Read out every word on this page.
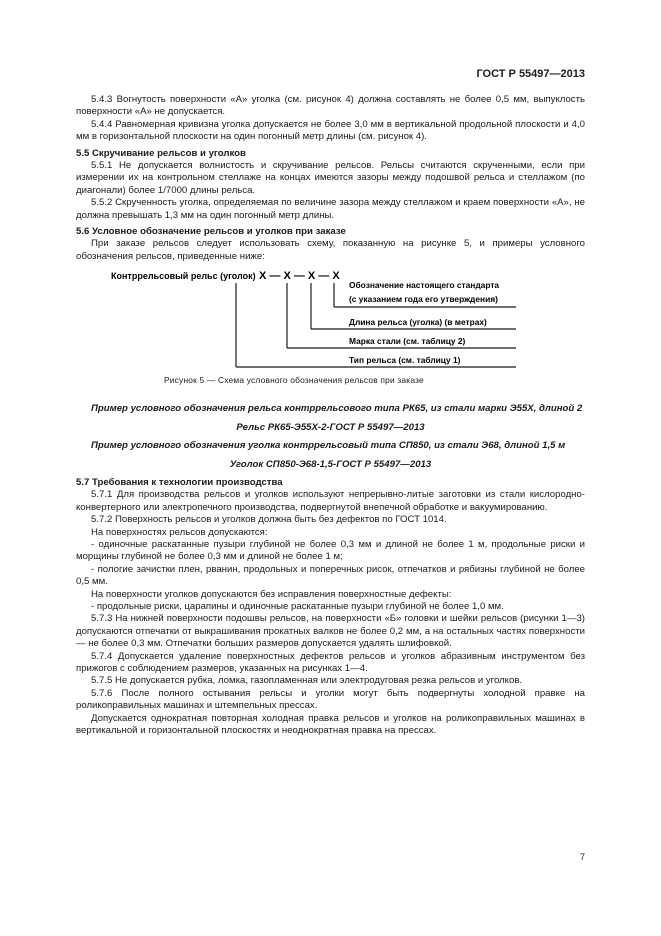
ГОСТ Р 55497—2013

5.4.3 Вогнутость поверхности «А» уголка (см. рисунок 4) должна составлять не более 0,5 мм, выпуклость поверхности «А» не допускается.

5.4.4 Равномерная кривизна уголка допускается не более 3,0 мм в вертикальной продольной плоскости и 4,0 мм в горизонтальной плоскости на один погонный метр длины (см. рисунок 4).

5.5 Скручивание рельсов и уголков

5.5.1 Не допускается волнистость и скручивание рельсов. Рельсы считаются скрученными, если при измерении их на контрольном стеллаже на концах имеются зазоры между подошвой рельса и стеллажом (по диагонали) более 1/7000 длины рельса.

5.5.2 Скрученность уголка, определяемая по величине зазора между стеллажом и краем поверхности «А», не должна превышать 1,3 мм на один погонный метр длины.

5.6 Условное обозначение рельсов и уголков при заказе

При заказе рельсов следует использовать схему, показанную на рисунке 5, и примеры условного обозначения рельсов, приведенные ниже:

Контррельсовый рельс (уголок) X — X — X — X
Обозначение настоящего стандарта
(с указанием года его утверждения)
Длина рельса (уголка) (в метрах)
Марка стали (см. таблицу 2)
Тип рельса (см. таблицу 1)
Рисунок 5 — Схема условного обозначения рельсов при заказе

Пример условного обозначения рельса контррельсового типа РК65, из стали марки Э55Х, длиной 2

Рельс РК65-Э55Х-2-ГОСТ Р 55497—2013

Пример условного обозначения уголка контррельсовый типа СП850, из стали Э68, длиной 1,5 м

Уголок СП850-Э68-1,5-ГОСТ Р 55497—2013

5.7 Требования к технологии производства

5.7.1 Для производства рельсов и уголков используют непрерывно-литые заготовки из стали кислородно-конвертерного или электропечного производства, подвергнутой внепечной обработке и вакуумированию.

5.7.2 Поверхность рельсов и уголков должна быть без дефектов по ГОСТ 1014.

На поверхностях рельсов допускаются:

- одиночные раскатанные пузыри глубиной не более 0,3 мм и длиной не более 1 м, продольные риски и морщины глубиной не более 0,3 мм и длиной не более 1 м;

- пологие зачистки плен, рванин, продольных и поперечных рисок, отпечатков и рябизны глубиной не более 0,5 мм.

На поверхности уголков допускаются без исправления поверхностные дефекты:

- продольные риски, царапины и одиночные раскатанные пузыри глубиной не более 1,0 мм.

5.7.3 На нижней поверхности подошвы рельсов, на поверхности «Б» головки и шейки рельсов (рисунки 1—3) допускаются отпечатки от выкрашивания прокатных валков не более 0,2 мм, а на остальных частях поверхности — не более 0,3 мм. Отпечатки больших размеров допускается удалять шлифовкой.

5.7.4 Допускается удаление поверхностных дефектов рельсов и уголков абразивным инструментом без прижогов с соблюдением размеров, указанных на рисунках 1—4.

5.7.5 Не допускается рубка, ломка, газопламенная или электродуговая резка рельсов и уголков.

5.7.6 После полного остывания рельсы и уголки могут быть подвергнуты холодной правке на роликоправильных машинах и штемпельных прессах.

Допускается однократная повторная холодная правка рельсов и уголков на роликоправильных машинах в вертикальной и горизонтальной плоскостях и неоднократная правка на прессах.

7
